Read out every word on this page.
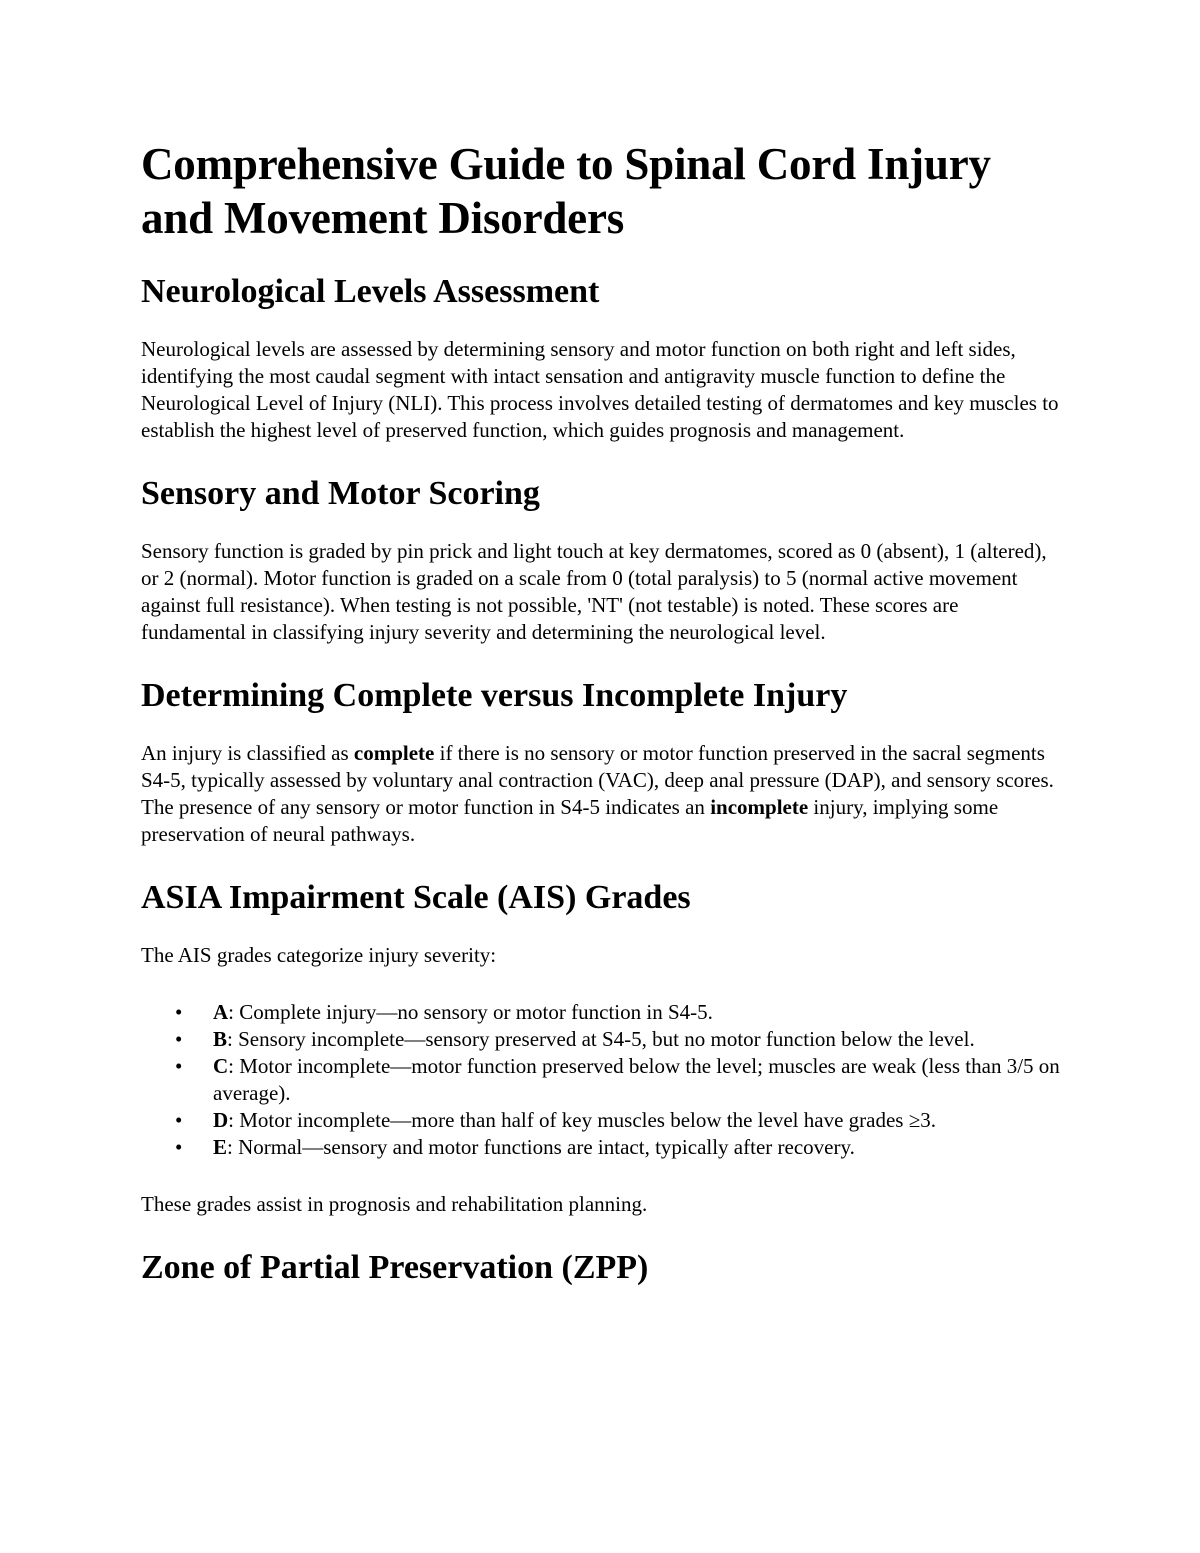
Comprehensive Guide to Spinal Cord Injury and Movement Disorders
Neurological Levels Assessment

Neurological levels are assessed by determining sensory and motor function on both right and left sides, identifying the most caudal segment with intact sensation and antigravity muscle function to define the Neurological Level of Injury (NLI). This process involves detailed testing of dermatomes and key muscles to establish the highest level of preserved function, which guides prognosis and management.

Sensory and Motor Scoring

Sensory function is graded by pin prick and light touch at key dermatomes, scored as 0 (absent), 1 (altered), or 2 (normal). Motor function is graded on a scale from 0 (total paralysis) to 5 (normal active movement against full resistance). When testing is not possible, 'NT' (not testable) is noted. These scores are fundamental in classifying injury severity and determining the neurological level.

Determining Complete versus Incomplete Injury

An injury is classified as complete if there is no sensory or motor function preserved in the sacral segments S4-5, typically assessed by voluntary anal contraction (VAC), deep anal pressure (DAP), and sensory scores. The presence of any sensory or motor function in S4-5 indicates an incomplete injury, implying some preservation of neural pathways.

ASIA Impairment Scale (AIS) Grades

The AIS grades categorize injury severity:

• A: Complete injury—no sensory or motor function in S4-5.
• B: Sensory incomplete—sensory preserved at S4-5, but no motor function below the level.
• C: Motor incomplete—motor function preserved below the level; muscles are weak (less than 3/5 on average).
• D: Motor incomplete—more than half of key muscles below the level have grades ≥3.
• E: Normal—sensory and motor functions are intact, typically after recovery.

These grades assist in prognosis and rehabilitation planning.

Zone of Partial Preservation (ZPP)
